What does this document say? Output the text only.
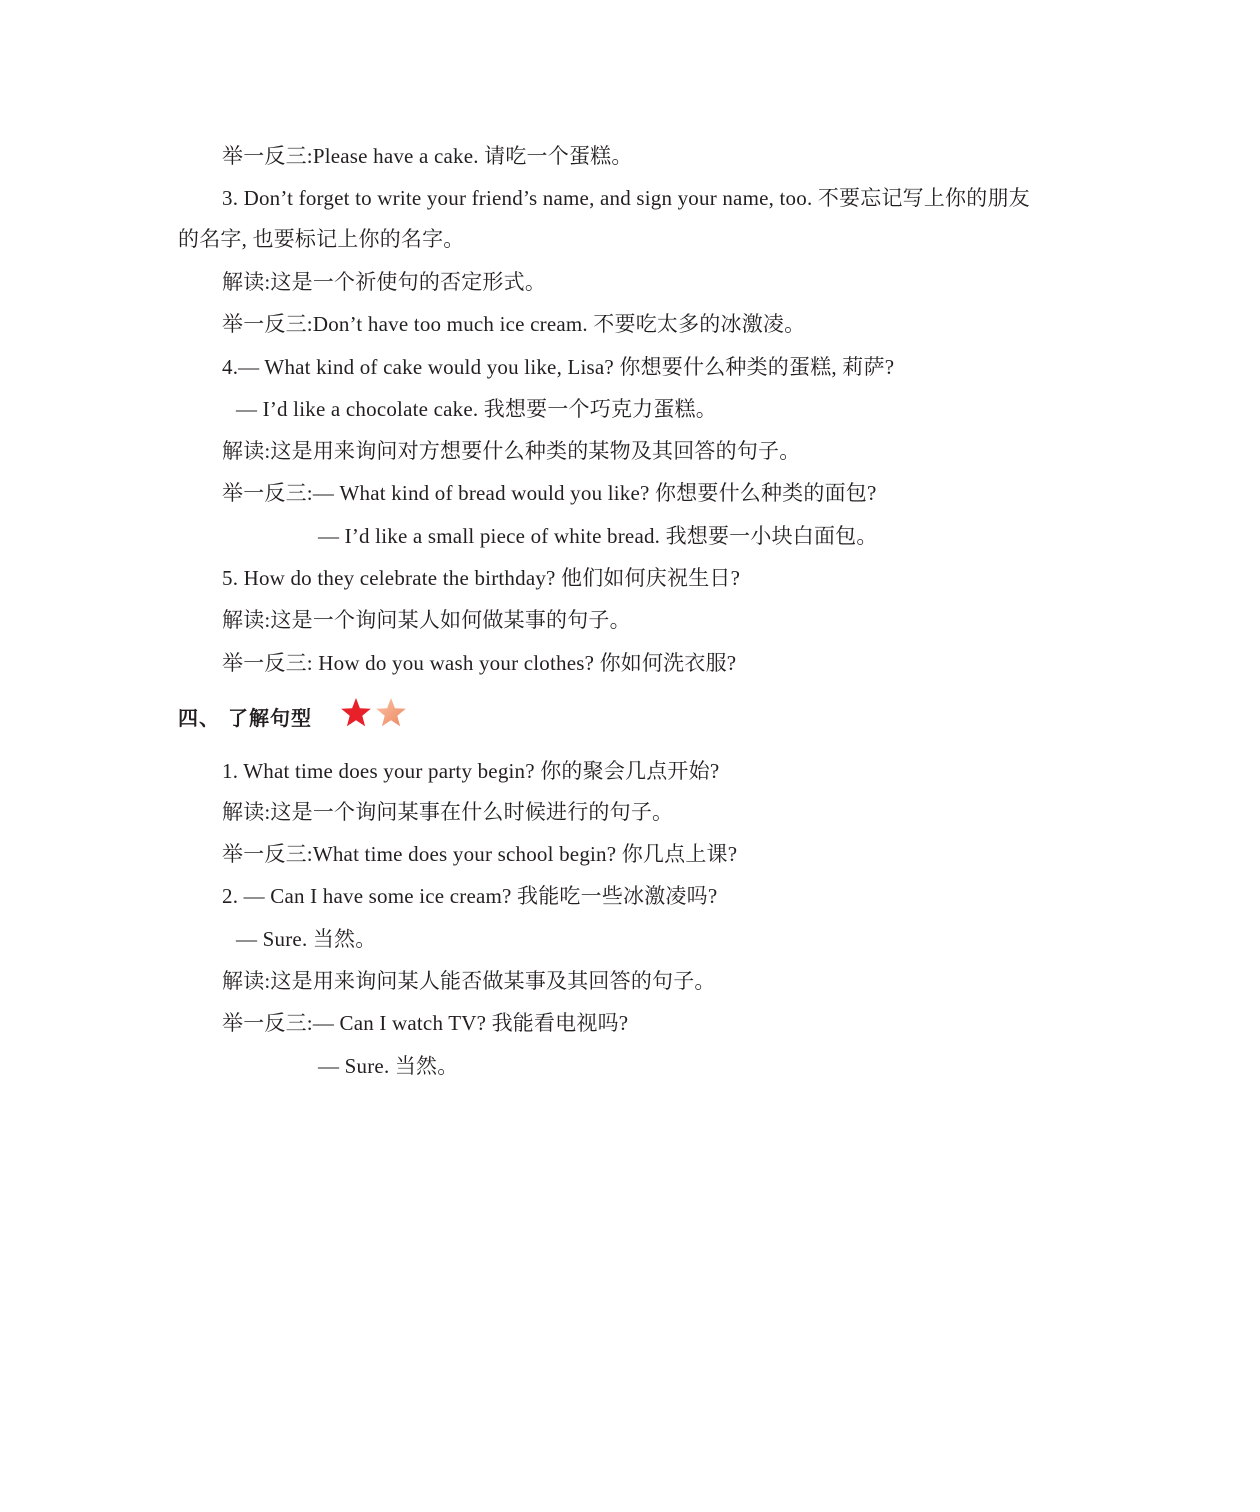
举一反三:Please have a cake. 请吃一个蛋糕。
3. Don’t forget to write your friend’s name, and sign your name, too. 不要忘记写上你的朋友
的名字, 也要标记上你的名字。
解读:这是一个祈使句的否定形式。
举一反三:Don’t have too much ice cream. 不要吃太多的冰激凌。
4.— What kind of cake would you like, Lisa? 你想要什么种类的蛋糕, 莉萨?
— I’d like a chocolate cake. 我想要一个巧克力蛋糕。
解读:这是用来询问对方想要什么种类的某物及其回答的句子。
举一反三:— What kind of bread would you like? 你想要什么种类的面包?
— I’d like a small piece of white bread. 我想要一小块白面包。
5. How do they celebrate the birthday? 他们如何庆祝生日?
解读:这是一个询问某人如何做某事的句子。
举一反三: How do you wash your clothes? 你如何洗衣服?
四、 了解句型
1. What time does your party begin? 你的聚会几点开始?
解读:这是一个询问某事在什么时候进行的句子。
举一反三:What time does your school begin? 你几点上课?
2. — Can I have some ice cream? 我能吃一些冰激凌吗?
— Sure. 当然。
解读:这是用来询问某人能否做某事及其回答的句子。
举一反三:— Can I watch TV? 我能看电视吗?
— Sure. 当然。
